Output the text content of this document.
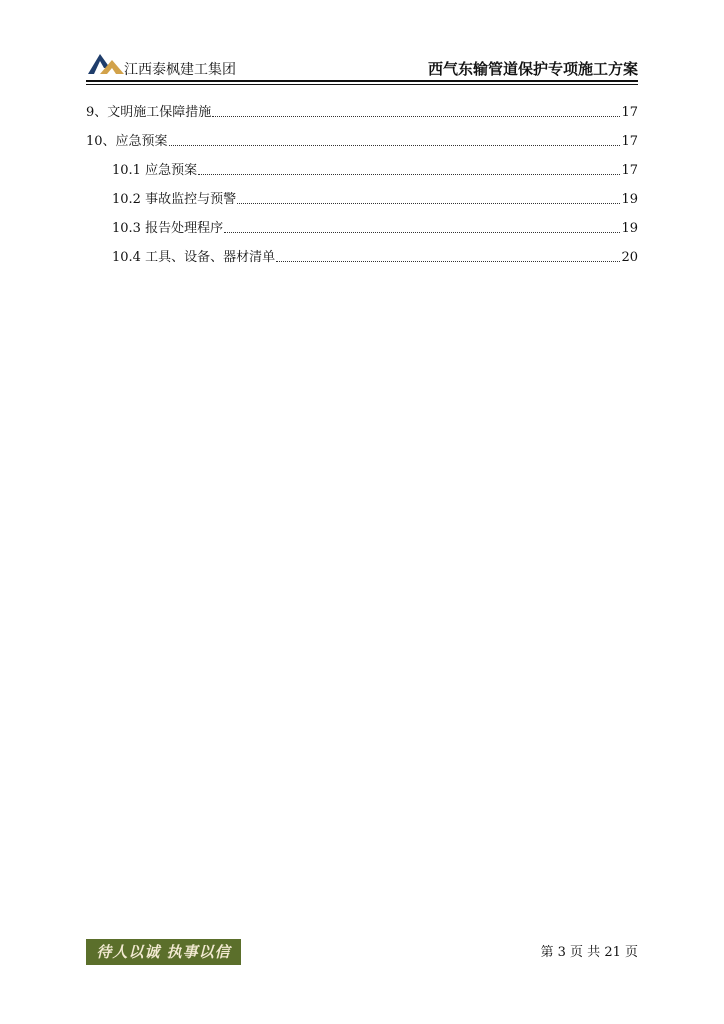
江西泰枫建工集团	西气东输管道保护专项施工方案
9、文明施工保障措施	17
10、应急预案	17
10.1 应急预案	17
10.2 事故监控与预警	19
10.3 报告处理程序	19
10.4 工具、设备、器材清单	20
待人以诚 执事以信	第 3 页 共 21 页
